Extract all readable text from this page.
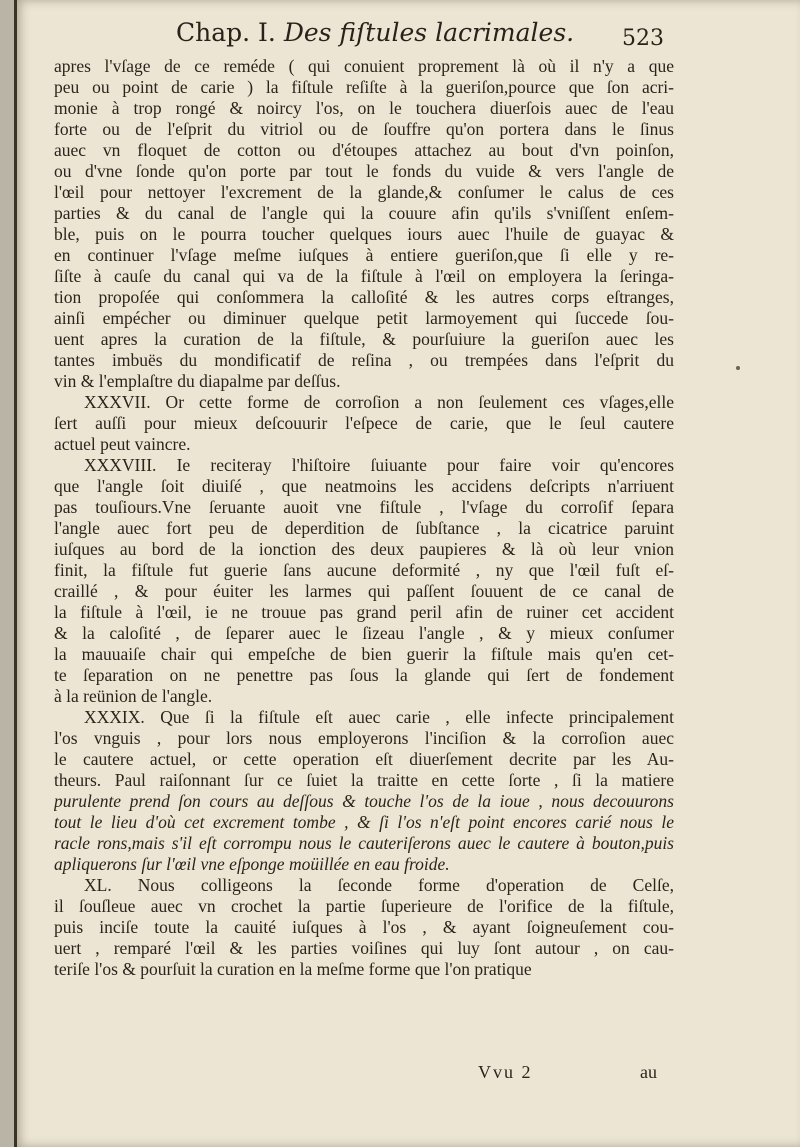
Chap. I. Des fiſtules lacrimales. 523
apres l'vſage de ce reméde ( qui conuient proprement là où il n'y a que
peu ou point de carie ) la fiſtule reſiſte à la gueriſon,pource que ſon acri-
monie à trop rongé & noircy l'os, on le touchera diuerſois auec de l'eau
forte ou de l'eſprit du vitriol ou de ſouffre qu'on portera dans le ſinus
auec vn floquet de cotton ou d'étoupes attachez au bout d'vn poinſon,
ou d'vne ſonde qu'on porte par tout le fonds du vuide & vers l'angle de
l'œil pour nettoyer l'excrement de la glande,& conſumer le calus de ces
parties & du canal de l'angle qui la couure afin qu'ils s'vniſſent enſem-
ble, puis on le pourra toucher quelques iours auec l'huile de guayac &
en continuer l'vſage meſme iuſques à entiere gueriſon,que ſi elle y re-
ſiſte à cauſe du canal qui va de la fiſtule à l'œil on employera la ſeringa-
tion propoſée qui conſommera la calloſité & les autres corps eſtranges,
ainſi empécher ou diminuer quelque petit larmoyement qui ſuccede ſou-
uent apres la curation de la fiſtule, & pourſuiure la gueriſon auec les
tantes imbuës du mondificatif de reſina , ou trempées dans l'eſprit du
vin & l'emplaſtre du diapalme par deſſus.
XXXVII. Or cette forme de corroſion a non ſeulement ces vſages,elle
ſert auſſi pour mieux deſcouurir l'eſpece de carie, que le ſeul cautere
actuel peut vaincre.
XXXVIII. Ie reciteray l'hiſtoire ſuiuante pour faire voir qu'encores
que l'angle ſoit diuiſé , que neatmoins les accidens deſcripts n'arriuent
pas touſiours.Vne ſeruante auoit vne fiſtule , l'vſage du corroſif ſepara
l'angle auec fort peu de deperdition de ſubſtance , la cicatrice paruint
iuſques au bord de la ionction des deux paupieres & là où leur vnion
finit, la fiſtule fut guerie ſans aucune deformité , ny que l'œil fuſt eſ-
craillé , & pour éuiter les larmes qui paſſent ſouuent de ce canal de
la fiſtule à l'œil, ie ne trouue pas grand peril afin de ruiner cet accident
& la caloſité , de ſeparer auec le ſizeau l'angle , & y mieux conſumer
la mauuaiſe chair qui empeſche de bien guerir la fiſtule mais qu'en cet-
te ſeparation on ne penettre pas ſous la glande qui ſert de fondement
à la reünion de l'angle.
XXXIX. Que ſi la fiſtule eſt auec carie , elle infecte principalement
l'os vnguis , pour lors nous employerons l'inciſion & la corroſion auec
le cautere actuel, or cette operation eſt diuerſement decrite par les Au-
theurs. Paul raiſonnant ſur ce ſuiet la traitte en cette ſorte , ſi la matiere
purulente prend ſon cours au deſſous & touche l'os de la ioue , nous decouurons
tout le lieu d'où cet excrement tombe , & ſi l'os n'eſt point encores carié nous le
racle rons,mais s'il eſt corrompu nous le cauteriſerons auec le cautere à bouton,puis
apliquerons ſur l'œil vne eſponge moüillée en eau froide.
XL. Nous colligeons la ſeconde forme d'operation de Celſe,
il ſouſleue auec vn crochet la partie ſuperieure de l'orifice de la fiſtule,
puis inciſe toute la cauité iuſques à l'os , & ayant ſoigneuſement cou-
uert , remparé l'œil & les parties voiſines qui luy ſont autour , on cau-
teriſe l'os & pourſuit la curation en la meſme forme que l'on pratique
Vvu 2	au
